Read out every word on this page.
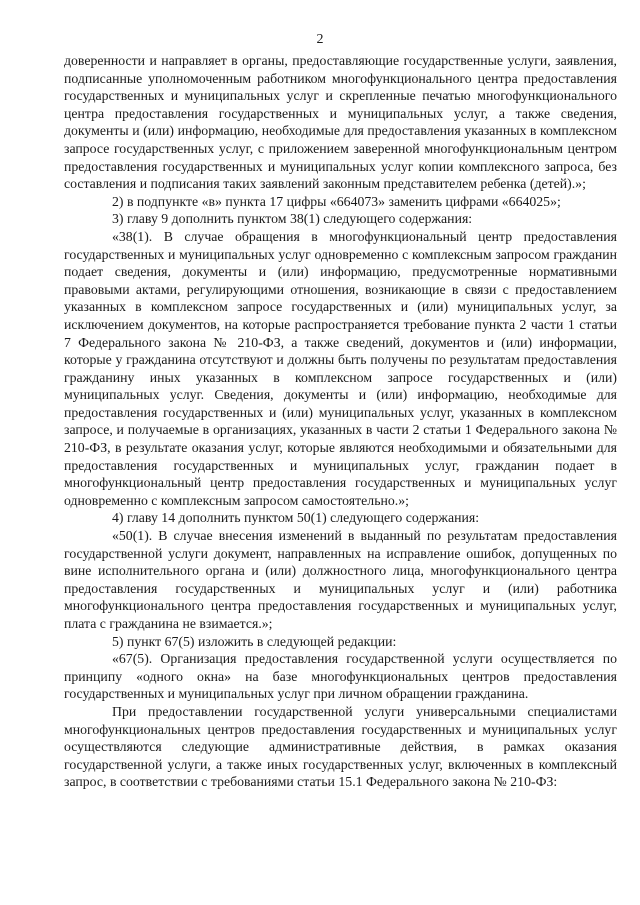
2

доверенности и направляет в органы, предоставляющие государственные услуги, заявления, подписанные уполномоченным работником многофункционального центра предоставления государственных и муниципальных услуг и скрепленные печатью многофункционального центра предоставления государственных и муниципальных услуг, а также сведения, документы и (или) информацию, необходимые для предоставления указанных в комплексном запросе государственных услуг, с приложением заверенной многофункциональным центром предоставления государственных и муниципальных услуг копии комплексного запроса, без составления и подписания таких заявлений законным представителем ребенка (детей).»;

2) в подпункте «в» пункта 17 цифры «664073» заменить цифрами «664025»;

3) главу 9 дополнить пунктом 38(1) следующего содержания:

«38(1). В случае обращения в многофункциональный центр предоставления государственных и муниципальных услуг одновременно с комплексным запросом гражданин подает сведения, документы и (или) информацию, предусмотренные нормативными правовыми актами, регулирующими отношения, возникающие в связи с предоставлением указанных в комплексном запросе государственных и (или) муниципальных услуг, за исключением документов, на которые распространяется требование пункта 2 части 1 статьи 7 Федерального закона № 210-ФЗ, а также сведений, документов и (или) информации, которые у гражданина отсутствуют и должны быть получены по результатам предоставления гражданину иных указанных в комплексном запросе государственных и (или) муниципальных услуг. Сведения, документы и (или) информацию, необходимые для предоставления государственных и (или) муниципальных услуг, указанных в комплексном запросе, и получаемые в организациях, указанных в части 2 статьи 1 Федерального закона № 210-ФЗ, в результате оказания услуг, которые являются необходимыми и обязательными для предоставления государственных и муниципальных услуг, гражданин подает в многофункциональный центр предоставления государственных и муниципальных услуг одновременно с комплексным запросом самостоятельно.»;

4) главу 14 дополнить пунктом 50(1) следующего содержания:

«50(1). В случае внесения изменений в выданный по результатам предоставления государственной услуги документ, направленных на исправление ошибок, допущенных по вине исполнительного органа и (или) должностного лица, многофункционального центра предоставления государственных и муниципальных услуг и (или) работника многофункционального центра предоставления государственных и муниципальных услуг, плата с гражданина не взимается.»;

5) пункт 67(5) изложить в следующей редакции:

«67(5). Организация предоставления государственной услуги осуществляется по принципу «одного окна» на базе многофункциональных центров предоставления государственных и муниципальных услуг при личном обращении гражданина.

При предоставлении государственной услуги универсальными специалистами многофункциональных центров предоставления государственных и муниципальных услуг осуществляются следующие административные действия, в рамках оказания государственной услуги, а также иных государственных услуг, включенных в комплексный запрос, в соответствии с требованиями статьи 15.1 Федерального закона № 210-ФЗ:
